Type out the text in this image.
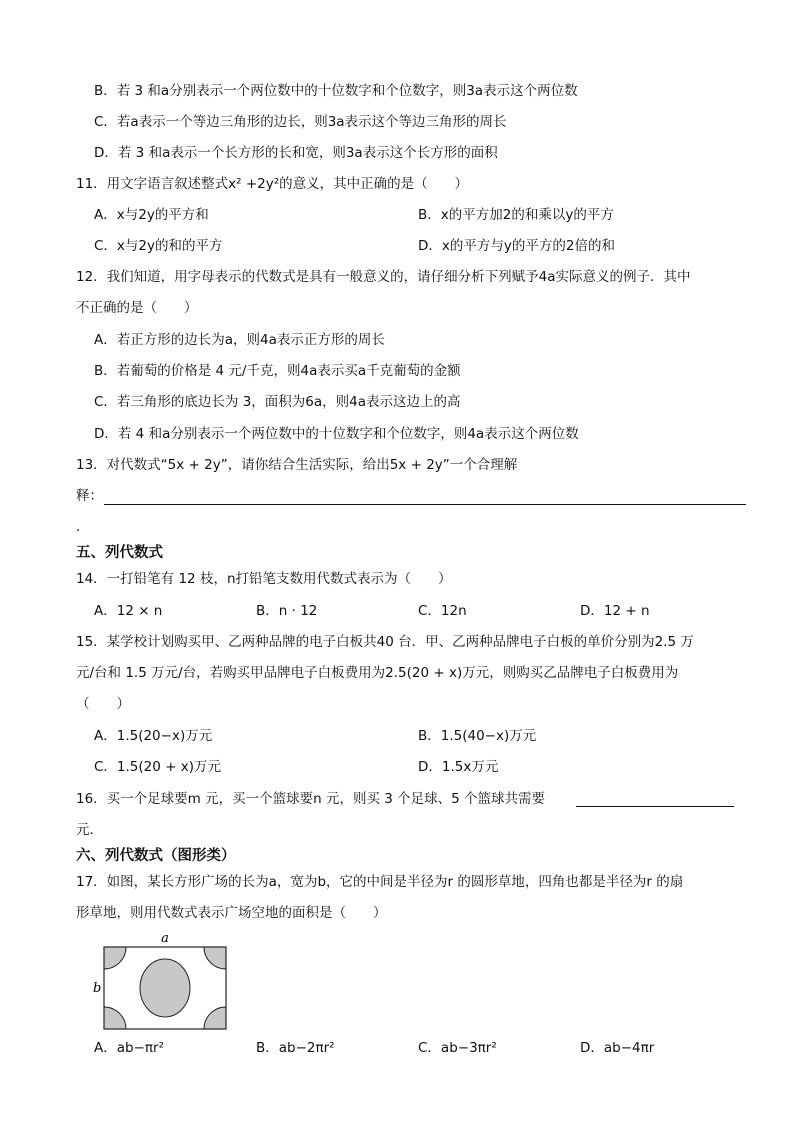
B．若 3 和a分别表示一个两位数中的十位数字和个位数字，则3a表示这个两位数
C．若a表示一个等边三角形的边长，则3a表示这个等边三角形的周长
D．若 3 和a表示一个长方形的长和宽，则3a表示这个长方形的面积
11．用文字语言叙述整式x² +2y²的意义，其中正确的是（　　）
A．x与2y的平方和	B．x的平方加2的和乘以y的平方
C．x与2y的和的平方	D．x的平方与y的平方的2倍的和
12．我们知道，用字母表示的代数式是具有一般意义的，请仔细分析下列赋予4a实际意义的例子．其中
不正确的是（　　）
A．若正方形的边长为a，则4a表示正方形的周长
B．若葡萄的价格是 4 元/千克，则4a表示买a千克葡萄的金额
C．若三角形的底边长为 3，面积为6a，则4a表示这边上的高
D．若 4 和a分别表示一个两位数中的十位数字和个位数字，则4a表示这个两位数
13．对代数式“5x + 2y”，请你结合生活实际，给出5x + 2y”一个合理解
释：
．
五、列代数式
14．一打铅笔有 12 枝，n打铅笔支数用代数式表示为（　　）
A．12 × n	B．n · 12	C．12n	D．12 + n
15．某学校计划购买甲、乙两种品牌的电子白板共40 台．甲、乙两种品牌电子白板的单价分别为2.5 万
元/台和 1.5 万元/台，若购买甲品牌电子白板费用为2.5(20 + x)万元，则购买乙品牌电子白板费用为
（　　）
A．1.5(20−x)万元	B．1.5(40−x)万元
C．1.5(20 + x)万元	D．1.5x万元
16．买一个足球要m 元，买一个篮球要n 元，则买 3 个足球、5 个篮球共需要
元．
六、列代数式（图形类）
17．如图，某长方形广场的长为a，宽为b，它的中间是半径为r 的圆形草地，四角也都是半径为r 的扇
形草地，则用代数式表示广场空地的面积是（　　）
a
b
A．ab−πr²	B．ab−2πr²	C．ab−3πr²	D．ab−4πr
